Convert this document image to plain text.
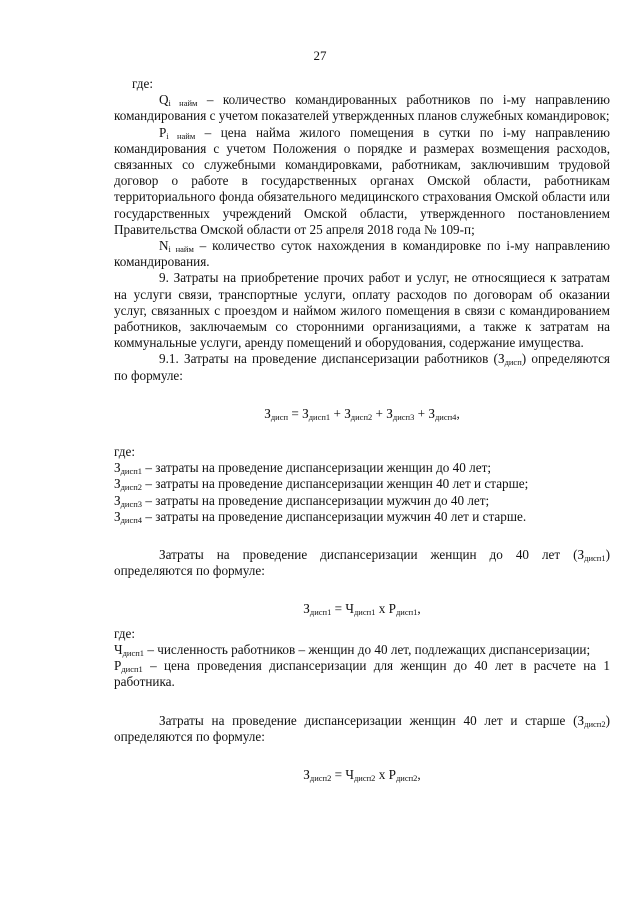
27

где:

$Q_{i найм}$ – количество командированных работников по i-му направлению командирования с учетом показателей утвержденных планов служебных командировок;

$P_{i найм}$ – цена найма жилого помещения в сутки по i-му направлению командирования с учетом Положения о порядке и размерах возмещения расходов, связанных со служебными командировками, работникам, заключившим трудовой договор о работе в государственных органах Омской области, работникам территориального фонда обязательного медицинского страхования Омской области или государственных учреждений Омской области, утвержденного постановлением Правительства Омской области от 25 апреля 2018 года № 109-п;

$N_{i найм}$ – количество суток нахождения в командировке по i-му направлению командирования.

9. Затраты на приобретение прочих работ и услуг, не относящиеся к затратам на услуги связи, транспортные услуги, оплату расходов по договорам об оказании услуг, связанных с проездом и наймом жилого помещения в связи с командированием работников, заключаемым со сторонними организациями, а также к затратам на коммунальные услуги, аренду помещений и оборудования, содержание имущества.

9.1. Затраты на проведение диспансеризации работников $(З_{дисп})$ определяются по формуле:

$З_{дисп} = З_{дисп1} + З_{дисп2} + З_{дисп3} + З_{дисп4}$,

где:

$З_{дисп1}$ – затраты на проведение диспансеризации женщин до 40 лет;

$З_{дисп2}$ – затраты на проведение диспансеризации женщин 40 лет и старше;

$З_{дисп3}$ – затраты на проведение диспансеризации мужчин до 40 лет;

$З_{дисп4}$ – затраты на проведение диспансеризации мужчин 40 лет и старше.

Затраты на проведение диспансеризации женщин до 40 лет $(З_{дисп1})$ определяются по формуле:

$З_{дисп1} = Ч_{дисп1}$ х $Р_{дисп1}$,

где:

$Ч_{дисп1}$ – численность работников – женщин до 40 лет, подлежащих диспансеризации;

$Р_{дисп1}$ – цена проведения диспансеризации для женщин до 40 лет в расчете на 1 работника.

Затраты на проведение диспансеризации женщин 40 лет и старше $(З_{дисп2})$ определяются по формуле:

$З_{дисп2} = Ч_{дисп2}$ х $Р_{дисп2}$,
